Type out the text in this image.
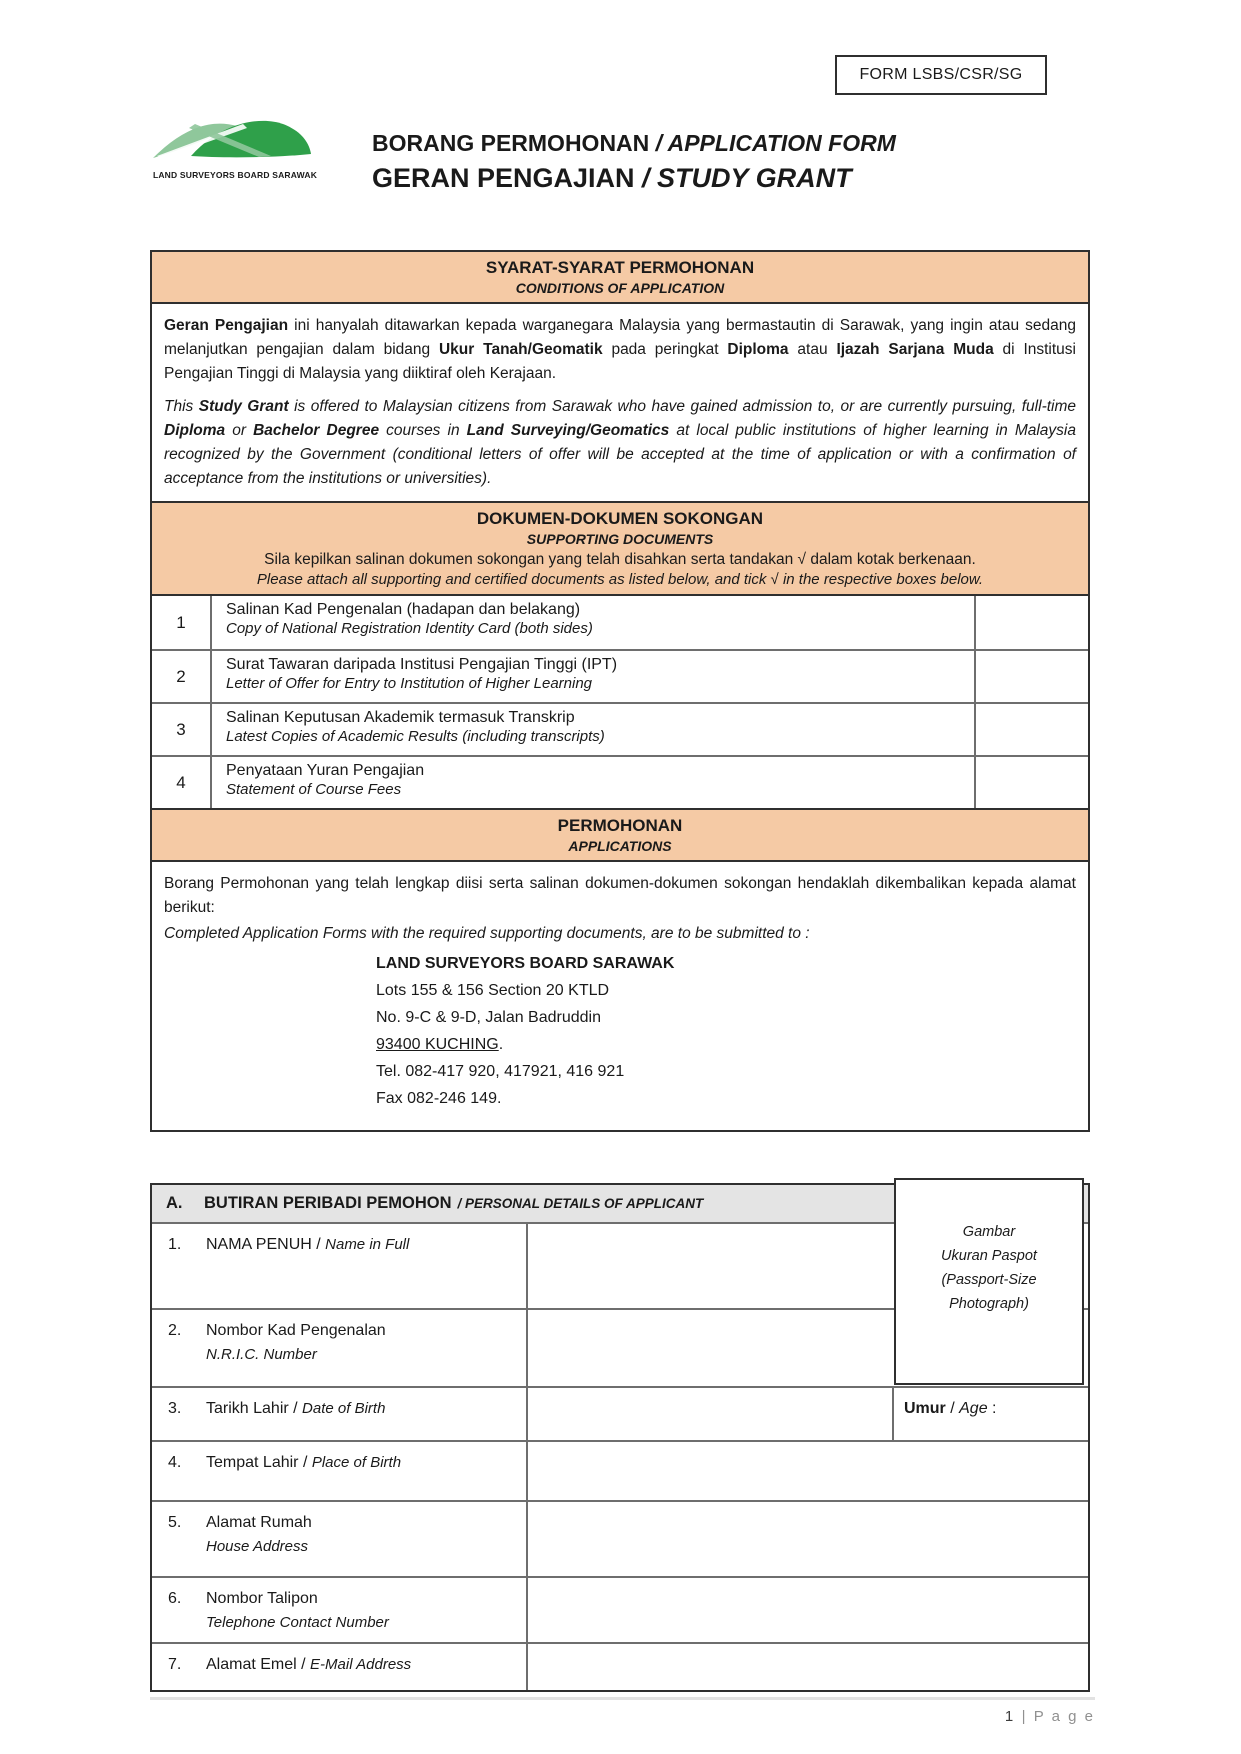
FORM LSBS/CSR/SG
LAND SURVEYORS BOARD SARAWAK
BORANG PERMOHONAN / APPLICATION FORM
GERAN PENGAJIAN / STUDY GRANT
SYARAT-SYARAT PERMOHONAN
CONDITIONS OF APPLICATION
Geran Pengajian ini hanyalah ditawarkan kepada warganegara Malaysia yang bermastautin di Sarawak, yang ingin atau sedang melanjutkan pengajian dalam bidang Ukur Tanah/Geomatik pada peringkat Diploma atau Ijazah Sarjana Muda di Institusi Pengajian Tinggi di Malaysia yang diiktiraf oleh Kerajaan.
This Study Grant is offered to Malaysian citizens from Sarawak who have gained admission to, or are currently pursuing, full-time Diploma or Bachelor Degree courses in Land Surveying/Geomatics at local public institutions of higher learning in Malaysia recognized by the Government (conditional letters of offer will be accepted at the time of application or with a confirmation of acceptance from the institutions or universities).
DOKUMEN-DOKUMEN SOKONGAN
SUPPORTING DOCUMENTS
Sila kepilkan salinan dokumen sokongan yang telah disahkan serta tandakan √ dalam kotak berkenaan.
Please attach all supporting and certified documents as listed below, and tick √ in the respective boxes below.
1
Salinan Kad Pengenalan (hadapan dan belakang)
Copy of National Registration Identity Card (both sides)
2
Surat Tawaran daripada Institusi Pengajian Tinggi (IPT)
Letter of Offer for Entry to Institution of Higher Learning
3
Salinan Keputusan Akademik termasuk Transkrip
Latest Copies of Academic Results (including transcripts)
4
Penyataan Yuran Pengajian
Statement of Course Fees
PERMOHONAN
APPLICATIONS
Borang Permohonan yang telah lengkap diisi serta salinan dokumen-dokumen sokongan hendaklah dikembalikan kepada alamat berikut:
Completed Application Forms with the required supporting documents, are to be submitted to :
LAND SURVEYORS BOARD SARAWAK
Lots 155 & 156 Section 20 KTLD
No. 9-C & 9-D, Jalan Badruddin
93400 KUCHING.
Tel. 082-417 920, 417921, 416 921
Fax 082-246 149.
A.	BUTIRAN PERIBADI PEMOHON / PERSONAL DETAILS OF APPLICANT
1.	NAMA PENUH / Name in Full
2.	Nombor Kad Pengenalan
N.R.I.C. Number
3.	Tarikh Lahir / Date of Birth	Umur / Age :
4.	Tempat Lahir / Place of Birth
5.	Alamat Rumah
House Address
6.	Nombor Talipon
Telephone Contact Number
7.	Alamat Emel / E-Mail Address
Gambar
Ukuran Paspot
(Passport-Size
Photograph)
1 | P a g e
